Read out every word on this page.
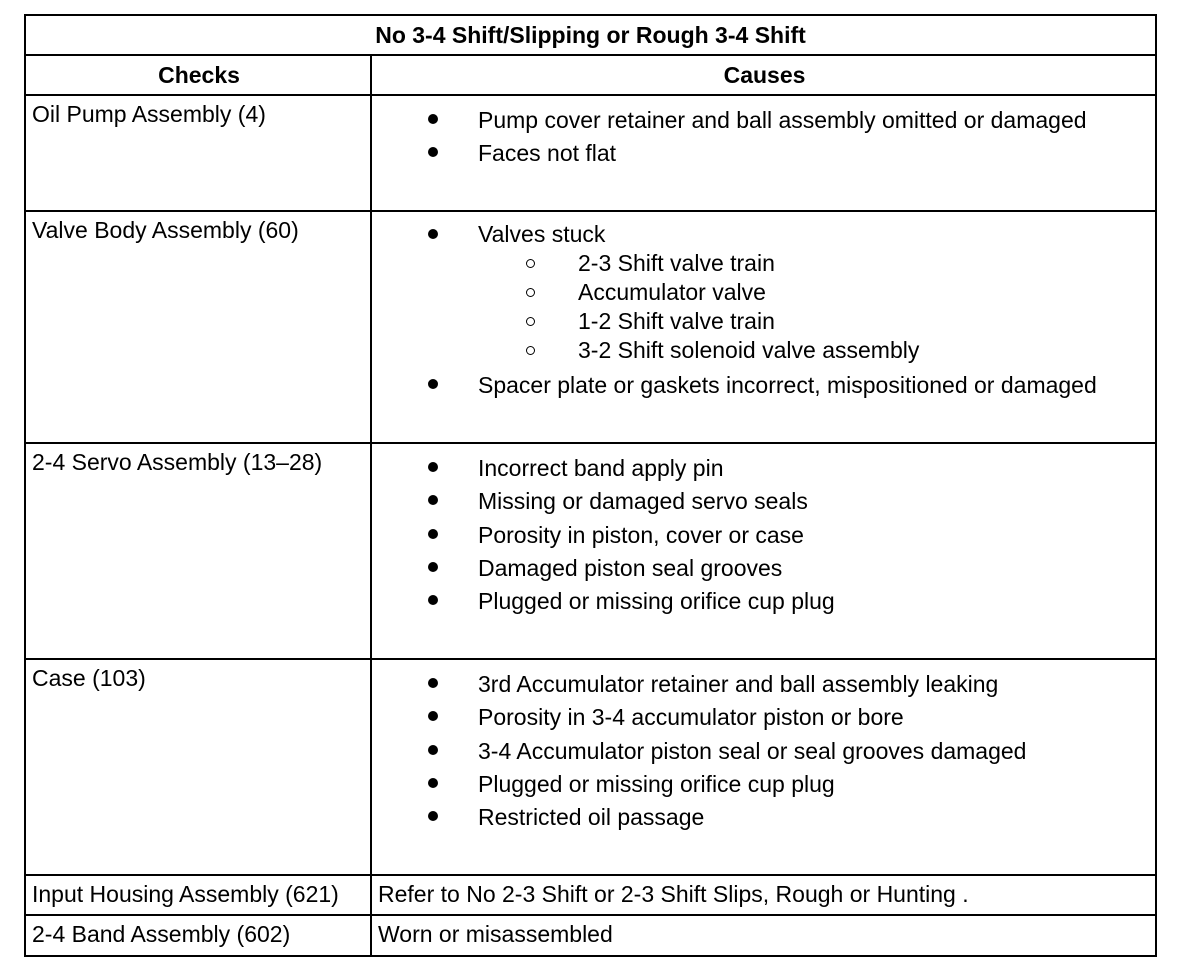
No 3-4 Shift/Slipping or Rough 3-4 Shift
Checks	Causes
Oil Pump Assembly (4)	Pump cover retainer and ball assembly omitted or damaged
Faces not flat
Valve Body Assembly (60)	Valves stuck
2-3 Shift valve train
Accumulator valve
1-2 Shift valve train
3-2 Shift solenoid valve assembly
Spacer plate or gaskets incorrect, mispositioned or damaged
2-4 Servo Assembly (13–28)	Incorrect band apply pin
Missing or damaged servo seals
Porosity in piston, cover or case
Damaged piston seal grooves
Plugged or missing orifice cup plug
Case (103)	3rd Accumulator retainer and ball assembly leaking
Porosity in 3-4 accumulator piston or bore
3-4 Accumulator piston seal or seal grooves damaged
Plugged or missing orifice cup plug
Restricted oil passage
Input Housing Assembly (621) Refer to No 2-3 Shift or 2-3 Shift Slips, Rough or Hunting .
2-4 Band Assembly (602)	Worn or misassembled
